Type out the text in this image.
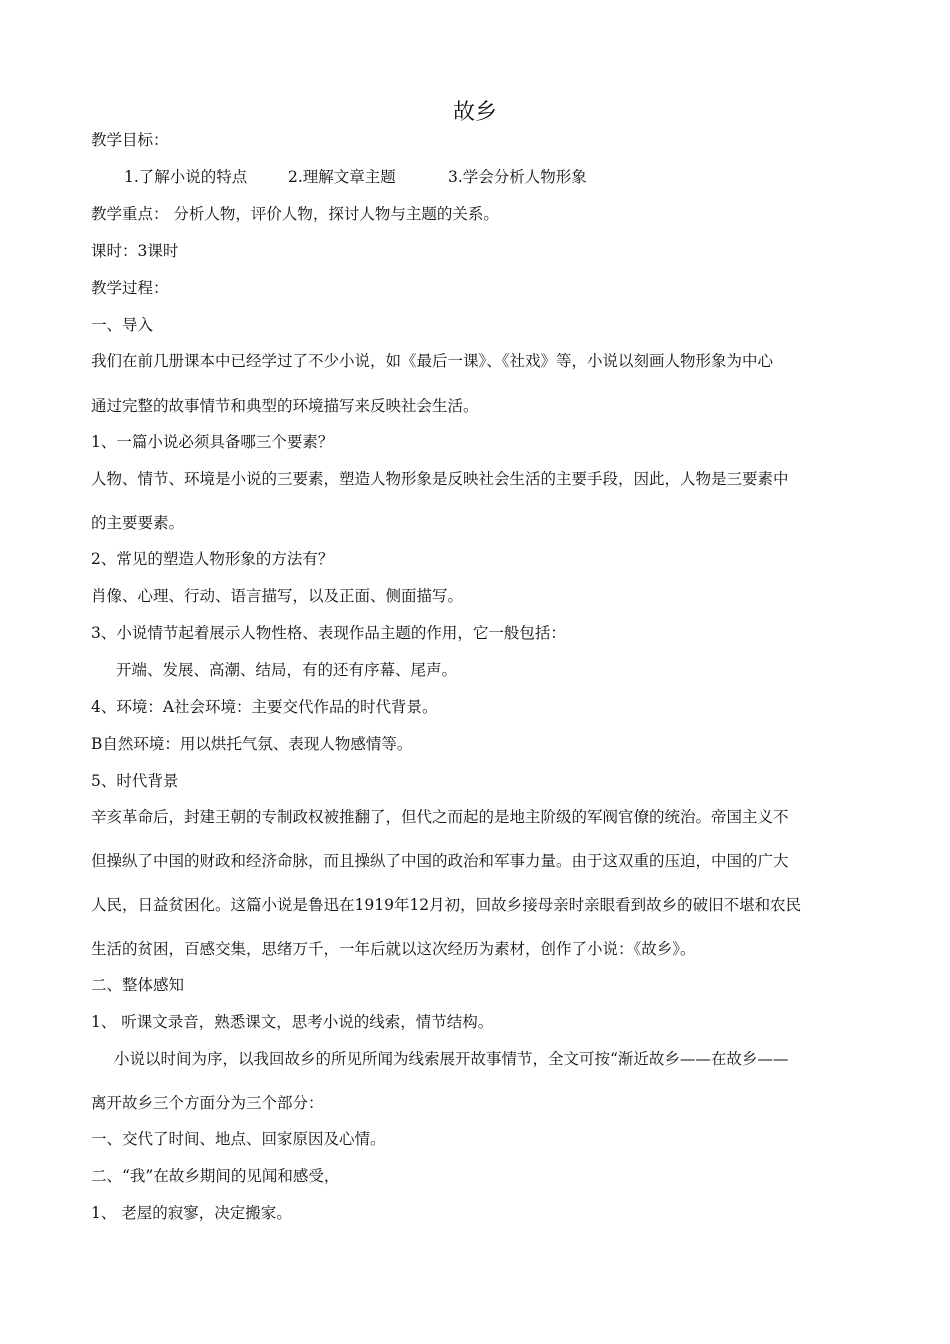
故乡
教学目标：
1.了解小说的特点	2.理解文章主题	3.学会分析人物形象
教学重点： 分析人物，评价人物，探讨人物与主题的关系。
课时：3课时
教学过程：
一、导入
我们在前几册课本中已经学过了不少小说，如《最后一课》、《社戏》等，小说以刻画人物形象为中心
通过完整的故事情节和典型的环境描写来反映社会生活。
1、一篇小说必须具备哪三个要素？
人物、情节、环境是小说的三要素，塑造人物形象是反映社会生活的主要手段，因此，人物是三要素中
的主要要素。
2、常见的塑造人物形象的方法有？
肖像、心理、行动、语言描写，以及正面、侧面描写。
3、小说情节起着展示人物性格、表现作品主题的作用，它一般包括：
开端、发展、高潮、结局，有的还有序幕、尾声。
4、环境：A社会环境：主要交代作品的时代背景。
B自然环境：用以烘托气氛、表现人物感情等。
5、时代背景
辛亥革命后，封建王朝的专制政权被推翻了，但代之而起的是地主阶级的军阀官僚的统治。帝国主义不
但操纵了中国的财政和经济命脉，而且操纵了中国的政治和军事力量。由于这双重的压迫，中国的广大
人民，日益贫困化。这篇小说是鲁迅在1919年12月初，回故乡接母亲时亲眼看到故乡的破旧不堪和农民
生活的贫困，百感交集，思绪万千，一年后就以这次经历为素材，创作了小说：《故乡》。
二、整体感知
1、 听课文录音，熟悉课文，思考小说的线索，情节结构。
小说以时间为序，以我回故乡的所见所闻为线索展开故事情节，全文可按“渐近故乡——在故乡——
离开故乡三个方面分为三个部分：
一、交代了时间、地点、回家原因及心情。
二、“我”在故乡期间的见闻和感受，
1、 老屋的寂寥，决定搬家。
